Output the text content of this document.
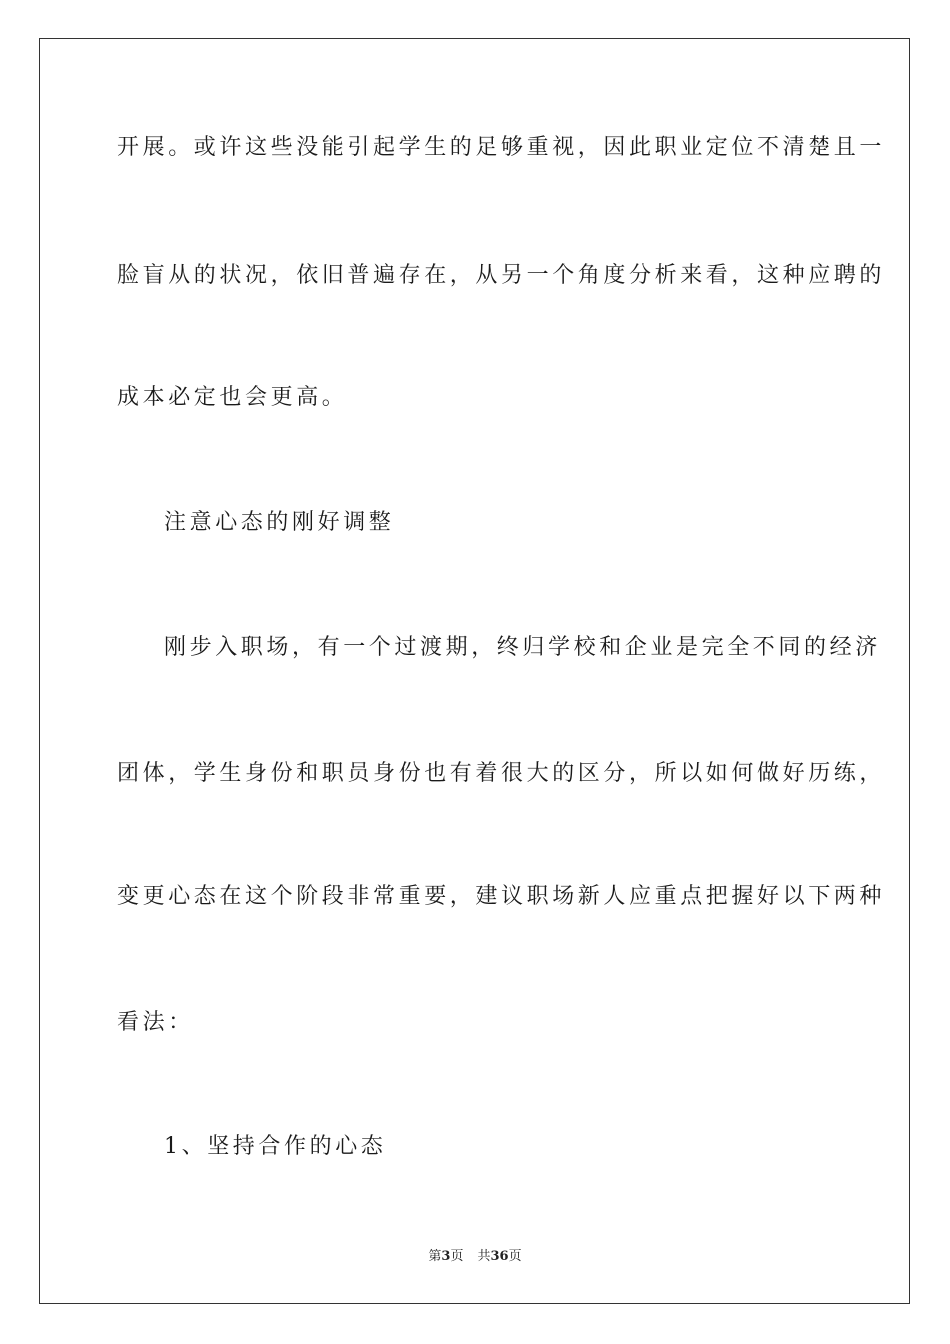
开展。或许这些没能引起学生的足够重视，因此职业定位不清楚且一
脸盲从的状况，依旧普遍存在，从另一个角度分析来看，这种应聘的
成本必定也会更高。
注意心态的刚好调整
刚步入职场，有一个过渡期，终归学校和企业是完全不同的经济
团体，学生身份和职员身份也有着很大的区分，所以如何做好历练，
变更心态在这个阶段非常重要，建议职场新人应重点把握好以下两种
看法：
1、坚持合作的心态
第3页 共36页
